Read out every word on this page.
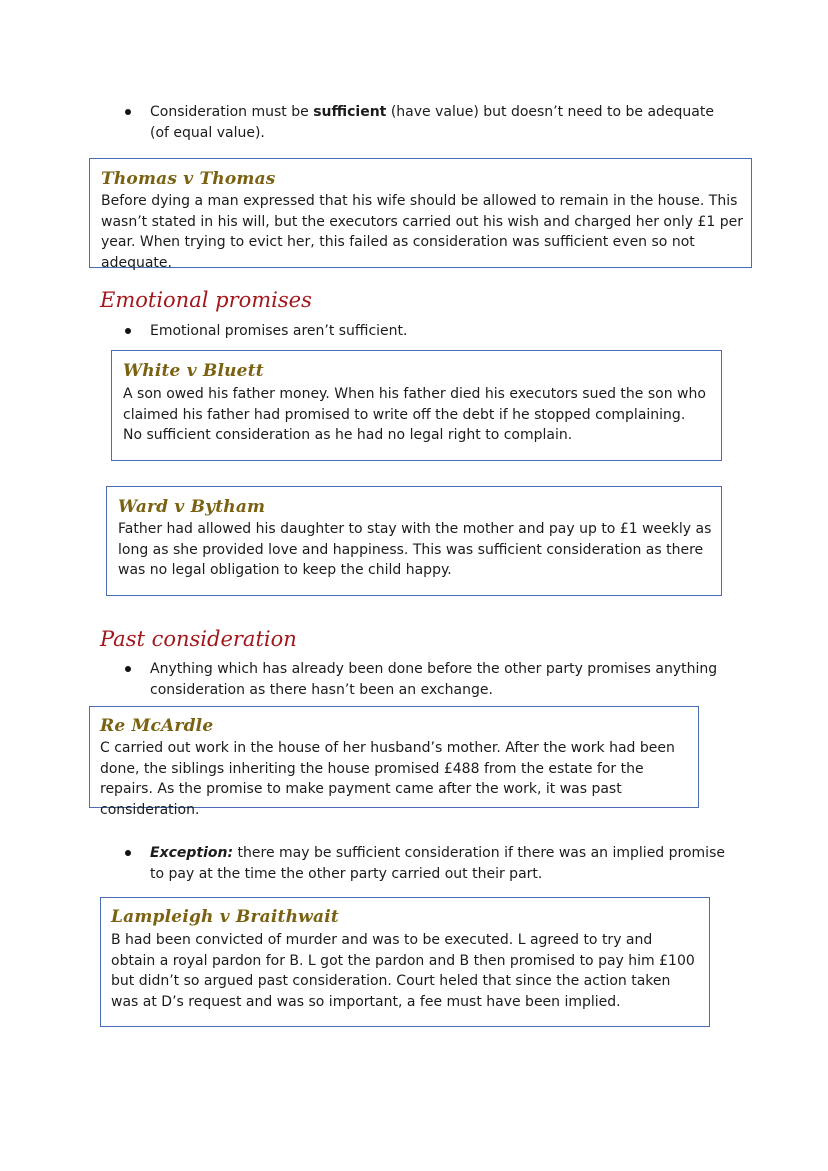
Consideration must be sufficient (have value) but doesn’t need to be adequate (of equal value).
Thomas v Thomas
Before dying a man expressed that his wife should be allowed to remain in the house. This wasn’t stated in his will, but the executors carried out his wish and charged her only £1 per year. When trying to evict her, this failed as consideration was sufficient even so not adequate.
Emotional promises
Emotional promises aren’t sufficient.
White v Bluett
A son owed his father money. When his father died his executors sued the son who claimed his father had promised to write off the debt if he stopped complaining. No sufficient consideration as he had no legal right to complain.
Ward v Bytham
Father had allowed his daughter to stay with the mother and pay up to £1 weekly as long as she provided love and happiness. This was sufficient consideration as there was no legal obligation to keep the child happy.
Past consideration
Anything which has already been done before the other party promises anything consideration as there hasn’t been an exchange.
Re McArdle
C carried out work in the house of her husband’s mother. After the work had been done, the siblings inheriting the house promised £488 from the estate for the repairs. As the promise to make payment came after the work, it was past consideration.
Exception: there may be sufficient consideration if there was an implied promise to pay at the time the other party carried out their part.
Lampleigh v Braithwait
B had been convicted of murder and was to be executed. L agreed to try and obtain a royal pardon for B. L got the pardon and B then promised to pay him £100 but didn’t so argued past consideration. Court heled that since the action taken was at D’s request and was so important, a fee must have been implied.
